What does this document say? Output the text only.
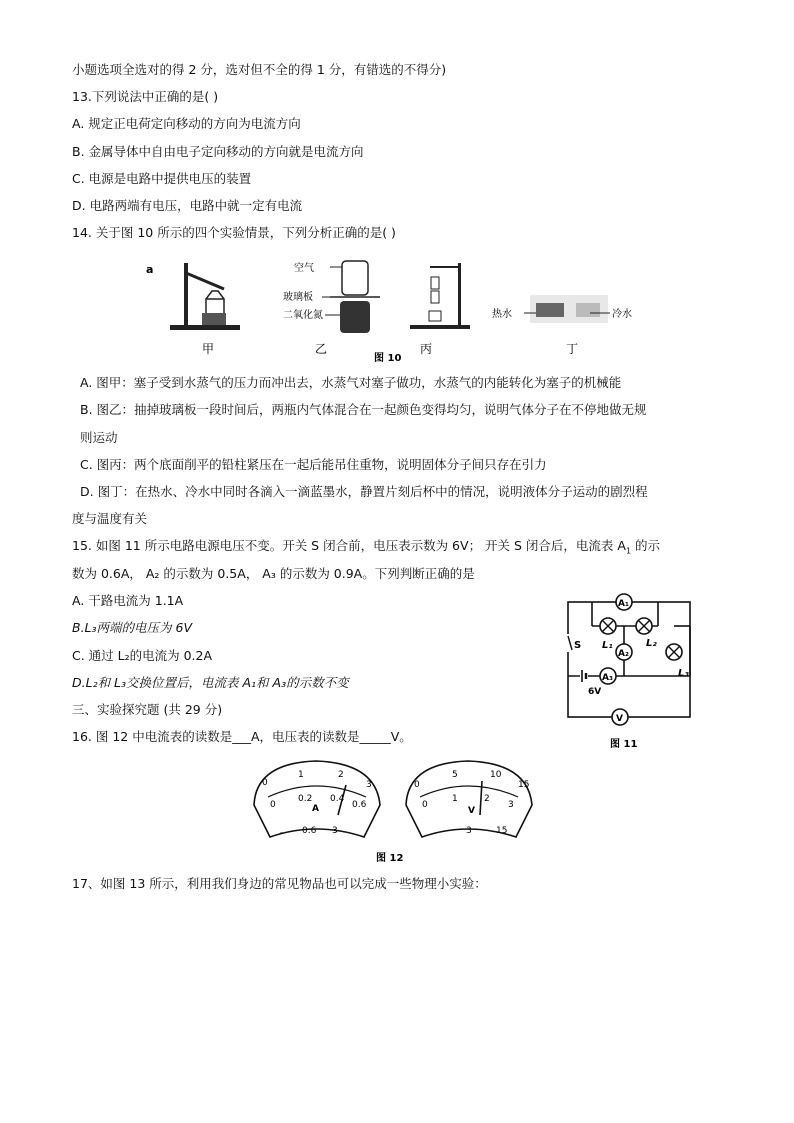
小题选项全选对的得 2 分，选对但不全的得 1 分，有错选的不得分)
13.下列说法中正确的是( )
A. 规定正电荷定向移动的方向为电流方向
B. 金属导体中自由电子定向移动的方向就是电流方向
C. 电源是电路中提供电压的装置
D. 电路两端有电压，电路中就一定有电流
14. 关于图 10 所示的四个实验情景，下列分析正确的是( )
a
甲
空气
玻璃板
二氧化氮
乙	丙
热水	冷水
丁
图 10
A. 图甲：塞子受到水蒸气的压力而冲出去，水蒸气对塞子做功，水蒸气的内能转化为塞子的机械能
B. 图乙：抽掉玻璃板一段时间后，两瓶内气体混合在一起颜色变得均匀，说明气体分子在不停地做无规
则运动
C. 图丙：两个底面削平的铅柱紧压在一起后能吊住重物，说明固体分子间只存在引力
D. 图丁：在热水、冷水中同时各滴入一滴蓝墨水，静置片刻后杯中的情况，说明液体分子运动的剧烈程
度与温度有关
15. 如图 11 所示电路电源电压不变。开关 S 闭合前，电压表示数为 6V； 开关 S 闭合后，电流表 $A_1$ 的示
数为 0.6A， A₂ 的示数为 0.5A， A₃ 的示数为 0.9A。下列判断正确的是
A. 干路电流为 1.1A
B.L₃两端的电压为 6V
C. 通过 L₂的电流为 0.2A
D.L₂和 L₃交换位置后，电流表 A₁和 A₃的示数不变
三、实验探究题 (共 29 分)
16. 图 12 中电流表的读数是___A，电压表的读数是_____V。
A₁
L₁	L₂
L₃
A₂
6V
A₃
S
V
图 11
0
1	2
3
0
0.2 0.4
0.6
A
- 0.6 3
0
5	10
15
0
1	2
3
V
-	3	15
图 12
17、如图 13 所示，利用我们身边的常见物品也可以完成一些物理小实验：
